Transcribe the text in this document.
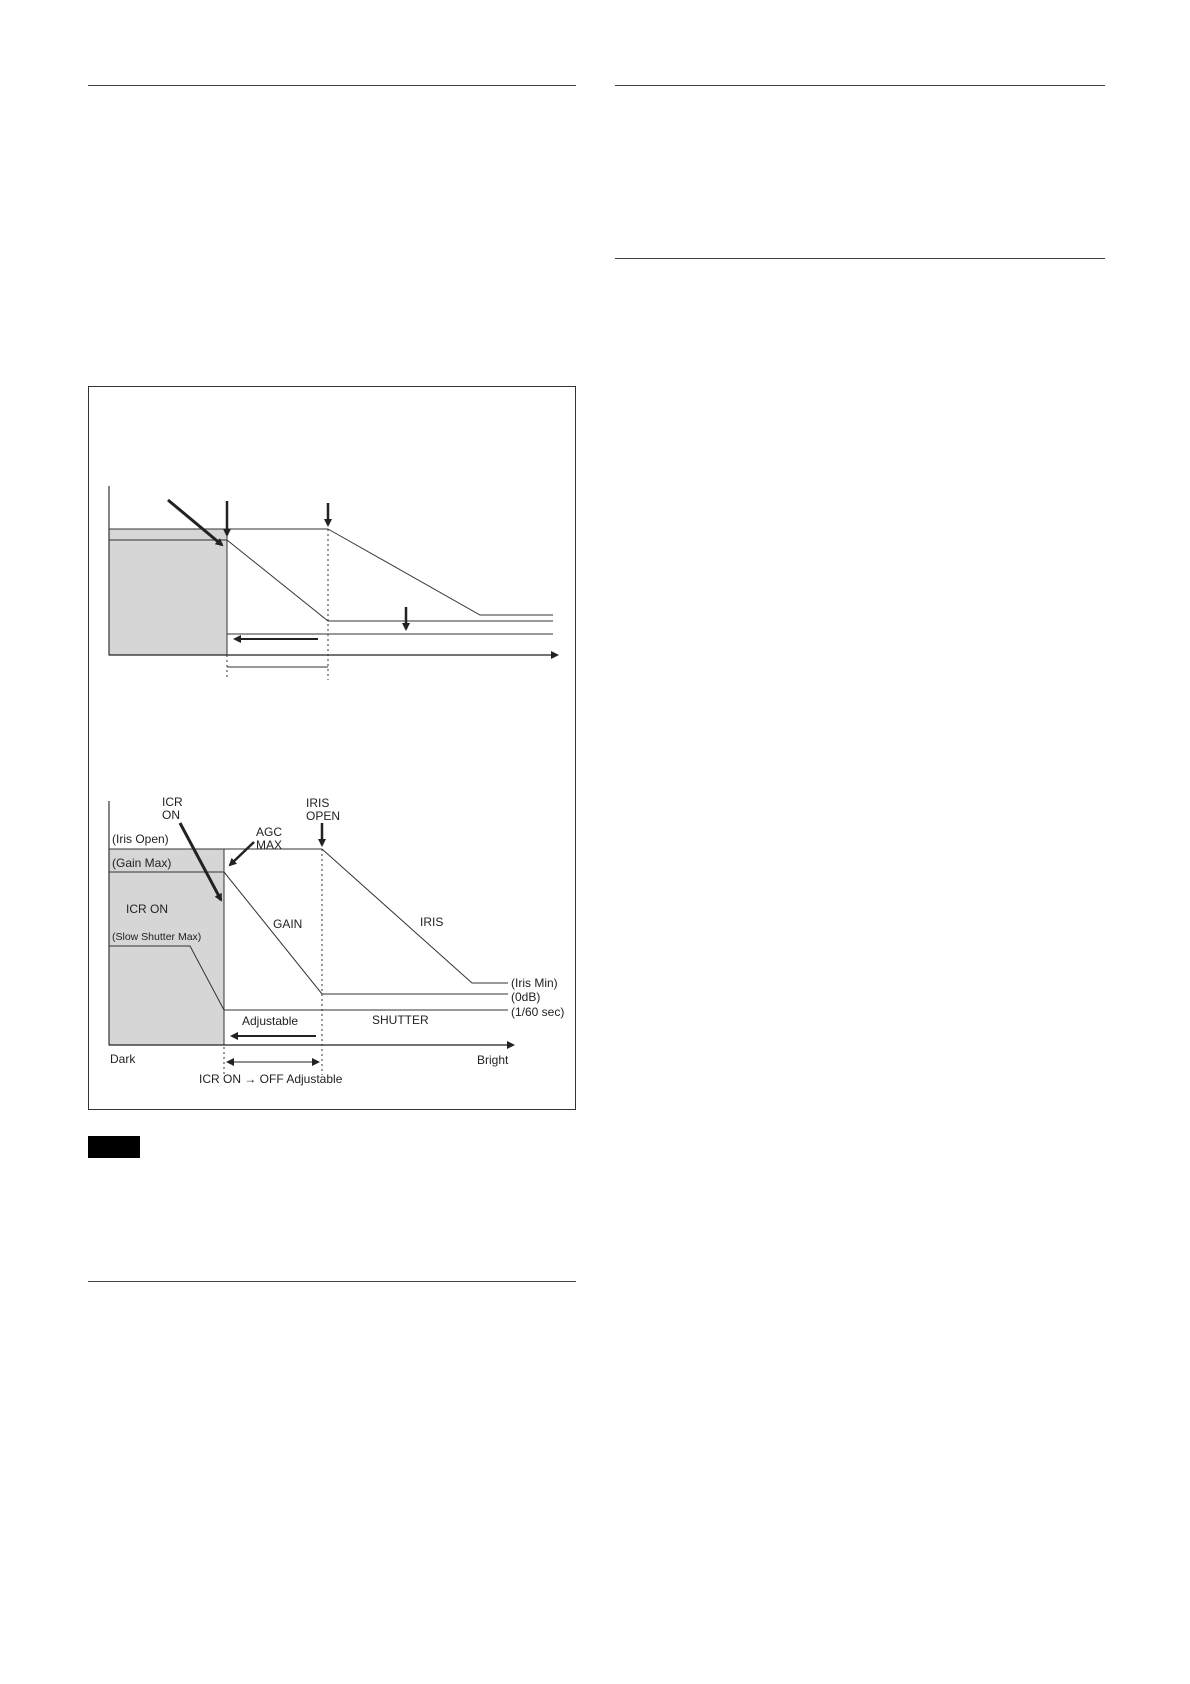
ICR
ON
AGC
MAX
IRIS
OPEN
(Iris Open)
(Gain Max)
ICR ON
(Slow Shutter Max)
GAIN	IRIS
(Iris Min)
(0dB)
(1/60 sec)
Adjustable	SHUTTER
Dark	Bright
ICR ON → OFF Adjustable
